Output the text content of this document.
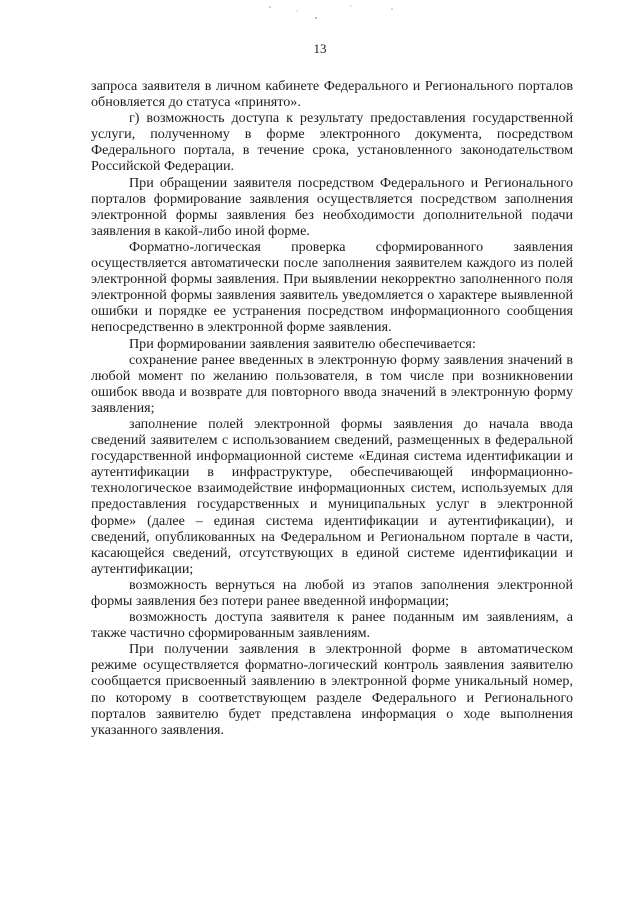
13

запроса заявителя в личном кабинете Федерального и Регионального порталов обновляется до статуса «принято».

г) возможность доступа к результату предоставления государственной услуги, полученному в форме электронного документа, посредством Федерального портала, в течение срока, установленного законодательством Российской Федерации.

При обращении заявителя посредством Федерального и Регионального порталов формирование заявления осуществляется посредством заполнения электронной формы заявления без необходимости дополнительной подачи заявления в какой-либо иной форме.

Форматно-логическая проверка сформированного заявления осуществляется автоматически после заполнения заявителем каждого из полей электронной формы заявления. При выявлении некорректно заполненного поля электронной формы заявления заявитель уведомляется о характере выявленной ошибки и порядке ее устранения посредством информационного сообщения непосредственно в электронной форме заявления.

При формировании заявления заявителю обеспечивается:

сохранение ранее введенных в электронную форму заявления значений в любой момент по желанию пользователя, в том числе при возникновении ошибок ввода и возврате для повторного ввода значений в электронную форму заявления;

заполнение полей электронной формы заявления до начала ввода сведений заявителем с использованием сведений, размещенных в федеральной государственной информационной системе «Единая система идентификации и аутентификации в инфраструктуре, обеспечивающей информационно-технологическое взаимодействие информационных систем, используемых для предоставления государственных и муниципальных услуг в электронной форме» (далее – единая система идентификации и аутентификации), и сведений, опубликованных на Федеральном и Региональном портале в части, касающейся сведений, отсутствующих в единой системе идентификации и аутентификации;

возможность вернуться на любой из этапов заполнения электронной формы заявления без потери ранее введенной информации;

возможность доступа заявителя к ранее поданным им заявлениям, а также частично сформированным заявлениям.

При получении заявления в электронной форме в автоматическом режиме осуществляется форматно-логический контроль заявления заявителю сообщается присвоенный заявлению в электронной форме уникальный номер, по которому в соответствующем разделе Федерального и Регионального порталов заявителю будет представлена информация о ходе выполнения указанного заявления.
